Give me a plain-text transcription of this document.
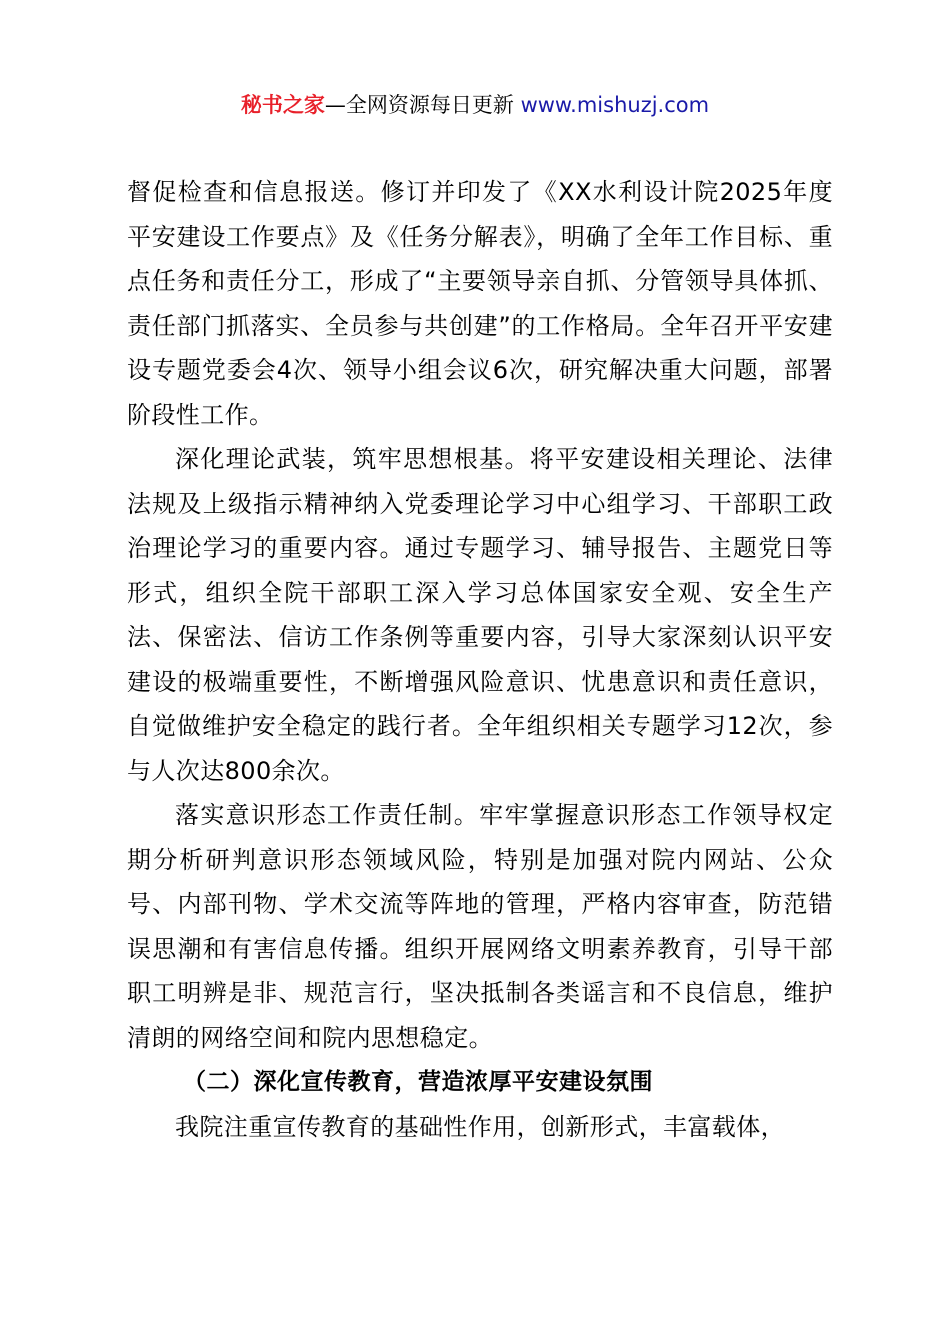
秘书之家—全网资源每日更新 www.mishuzj.com

督促检查和信息报送。修订并印发了《XX水利设计院2025年度平安建设工作要点》及《任务分解表》，明确了全年工作目标、重点任务和责任分工，形成了“主要领导亲自抓、分管领导具体抓、责任部门抓落实、全员参与共创建”的工作格局。全年召开平安建设专题党委会4次、领导小组会议6次，研究解决重大问题，部署阶段性工作。

深化理论武装，筑牢思想根基。将平安建设相关理论、法律法规及上级指示精神纳入党委理论学习中心组学习、干部职工政治理论学习的重要内容。通过专题学习、辅导报告、主题党日等形式，组织全院干部职工深入学习总体国家安全观、安全生产法、保密法、信访工作条例等重要内容，引导大家深刻认识平安建设的极端重要性，不断增强风险意识、忧患意识和责任意识，自觉做维护安全稳定的践行者。全年组织相关专题学习12次，参与人次达800余次。

落实意识形态工作责任制。牢牢掌握意识形态工作领导权定期分析研判意识形态领域风险，特别是加强对院内网站、公众号、内部刊物、学术交流等阵地的管理，严格内容审查，防范错误思潮和有害信息传播。组织开展网络文明素养教育，引导干部职工明辨是非、规范言行，坚决抵制各类谣言和不良信息，维护清朗的网络空间和院内思想稳定。

（二）深化宣传教育，营造浓厚平安建设氛围

我院注重宣传教育的基础性作用，创新形式，丰富载体，
